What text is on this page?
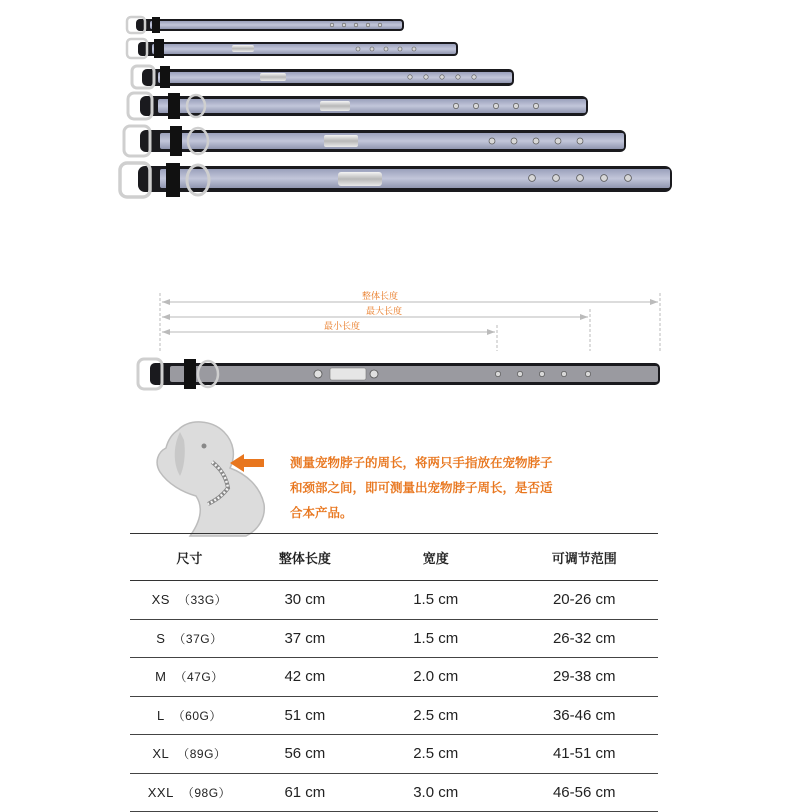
整体长度
最大长度
最小长度
测量宠物脖子的周长，将两只手指放在宠物脖子
和颈部之间，即可测量出宠物脖子周长，是否适
合本产品。
尺寸	整体长度	宽度	可调节范围
XS （33G）	30 cm	1.5 cm	20-26 cm
S （37G）	37 cm	1.5 cm	26-32 cm
M （47G）	42 cm	2.0 cm	29-38 cm
L （60G）	51 cm	2.5 cm	36-46 cm
XL （89G）	56 cm	2.5 cm	41-51 cm
XXL （98G）	61 cm	3.0 cm	46-56 cm
